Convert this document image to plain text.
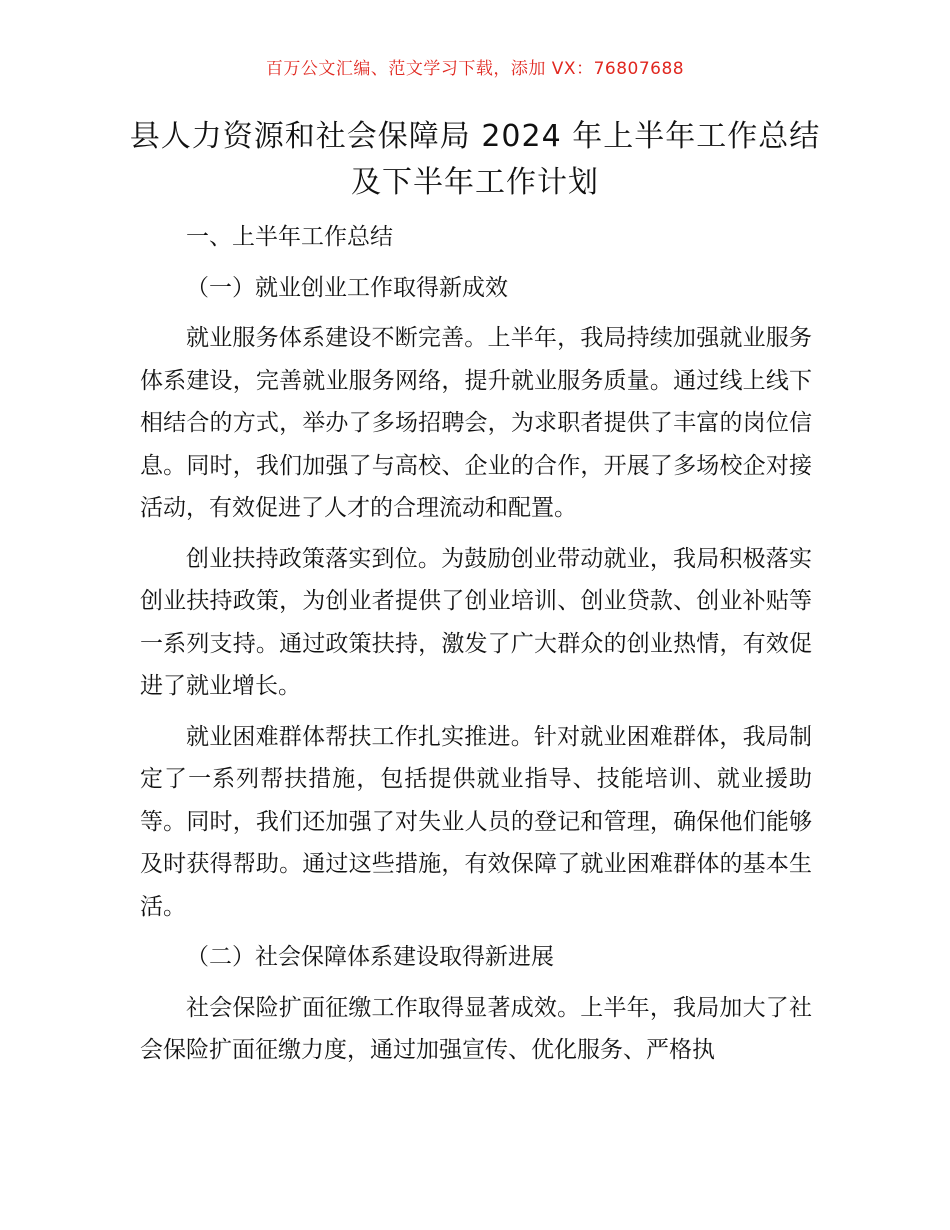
百万公文汇编、范文学习下载，添加 VX：76807688
县人力资源和社会保障局 2024 年上半年工作总结及下半年工作计划

一、上半年工作总结

（一）就业创业工作取得新成效

就业服务体系建设不断完善。上半年，我局持续加强就业服务体系建设，完善就业服务网络，提升就业服务质量。通过线上线下相结合的方式，举办了多场招聘会，为求职者提供了丰富的岗位信息。同时，我们加强了与高校、企业的合作，开展了多场校企对接活动，有效促进了人才的合理流动和配置。

创业扶持政策落实到位。为鼓励创业带动就业，我局积极落实创业扶持政策，为创业者提供了创业培训、创业贷款、创业补贴等一系列支持。通过政策扶持，激发了广大群众的创业热情，有效促进了就业增长。

就业困难群体帮扶工作扎实推进。针对就业困难群体，我局制定了一系列帮扶措施，包括提供就业指导、技能培训、就业援助等。同时，我们还加强了对失业人员的登记和管理，确保他们能够及时获得帮助。通过这些措施，有效保障了就业困难群体的基本生活。

（二）社会保障体系建设取得新进展

社会保险扩面征缴工作取得显著成效。上半年，我局加大了社会保险扩面征缴力度，通过加强宣传、优化服务、严格执
